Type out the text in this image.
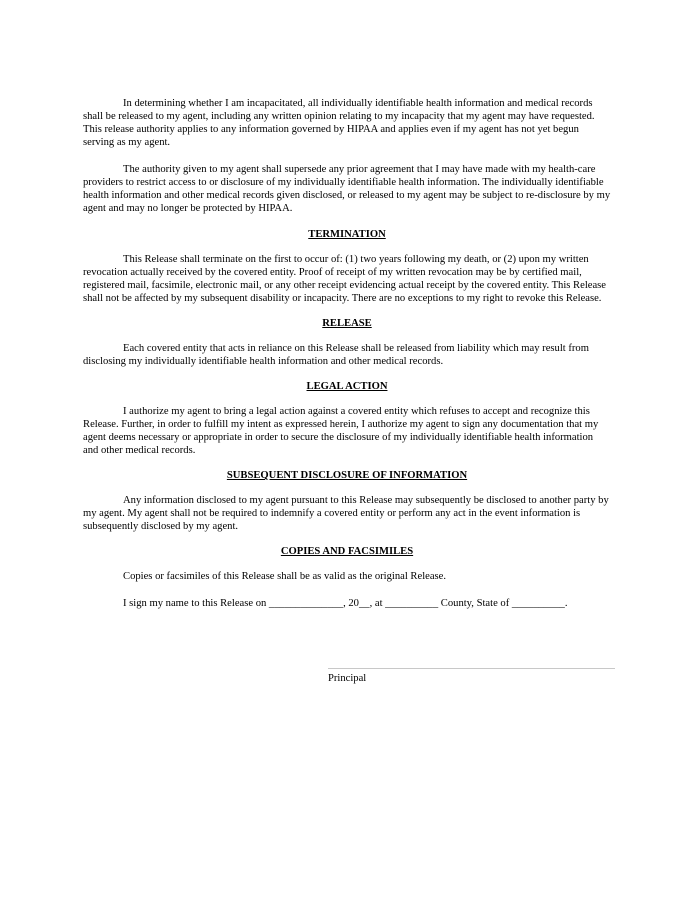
In determining whether I am incapacitated, all individually identifiable health information and medical records shall be released to my agent, including any written opinion relating to my incapacity that my agent may have requested. This release authority applies to any information governed by HIPAA and applies even if my agent has not yet begun serving as my agent.

The authority given to my agent shall supersede any prior agreement that I may have made with my health-care providers to restrict access to or disclosure of my individually identifiable health information. The individually identifiable health information and other medical records given disclosed, or released to my agent may be subject to re-disclosure by my agent and may no longer be protected by HIPAA.

TERMINATION

This Release shall terminate on the first to occur of: (1) two years following my death, or (2) upon my written revocation actually received by the covered entity. Proof of receipt of my written revocation may be by certified mail, registered mail, facsimile, electronic mail, or any other receipt evidencing actual receipt by the covered entity. This Release shall not be affected by my subsequent disability or incapacity. There are no exceptions to my right to revoke this Release.

RELEASE

Each covered entity that acts in reliance on this Release shall be released from liability which may result from disclosing my individually identifiable health information and other medical records.

LEGAL ACTION

I authorize my agent to bring a legal action against a covered entity which refuses to accept and recognize this Release. Further, in order to fulfill my intent as expressed herein, I authorize my agent to sign any documentation that my agent deems necessary or appropriate in order to secure the disclosure of my individually identifiable health information and other medical records.

SUBSEQUENT DISCLOSURE OF INFORMATION

Any information disclosed to my agent pursuant to this Release may subsequently be disclosed to another party by my agent. My agent shall not be required to indemnify a covered entity or perform any act in the event information is subsequently disclosed by my agent.

COPIES AND FACSIMILES

Copies or facsimiles of this Release shall be as valid as the original Release.

I sign my name to this Release on ______________, 20__, at __________ County, State of __________.

Principal
